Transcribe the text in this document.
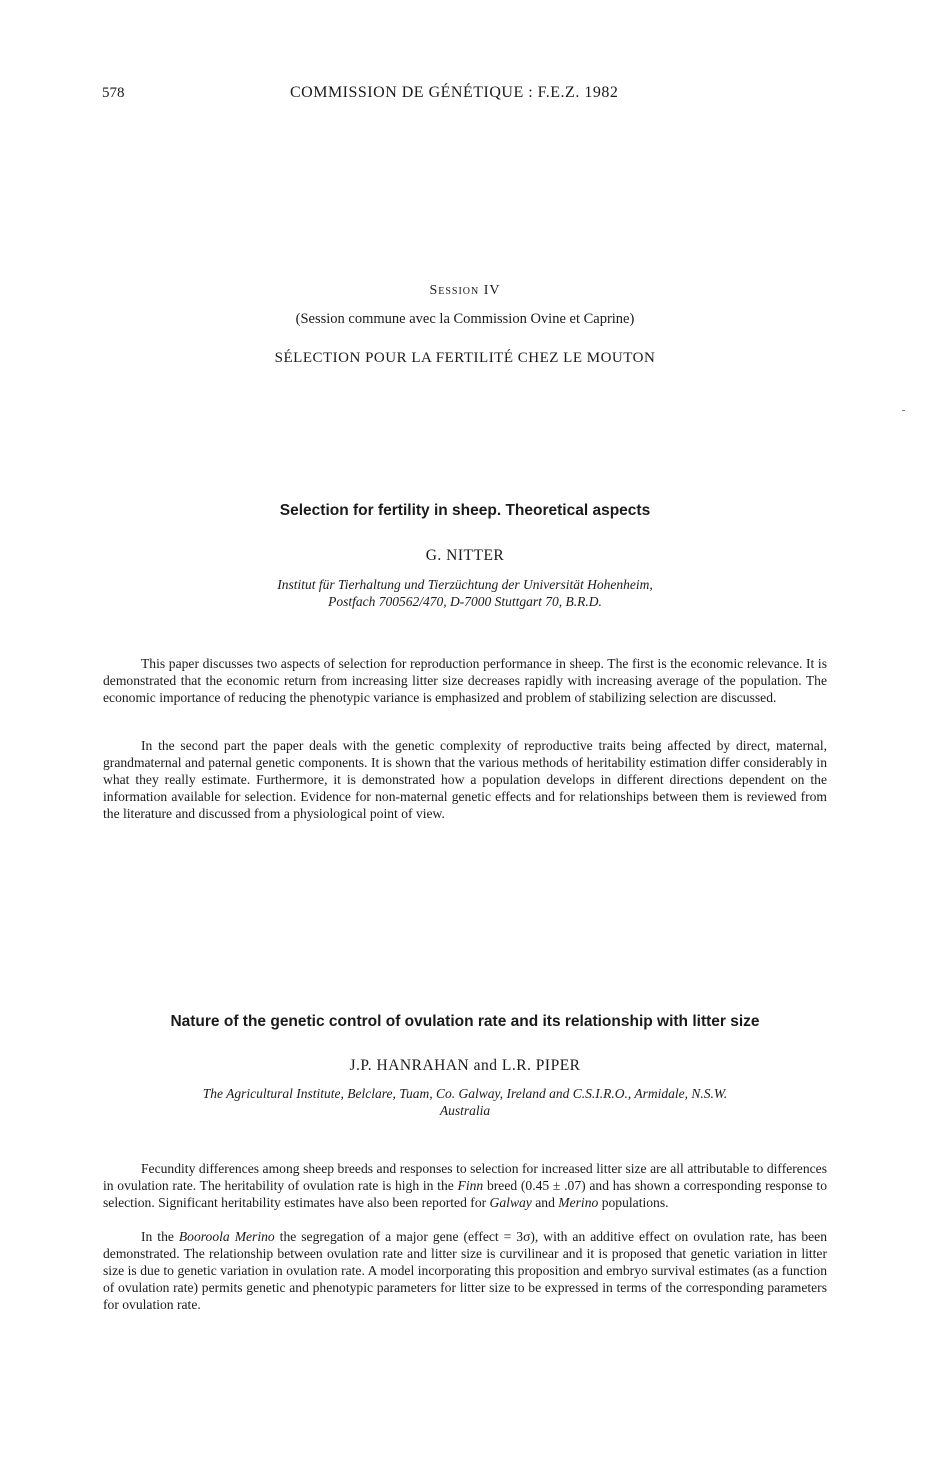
578	COMMISSION DE GÉNÉTIQUE : F.E.Z. 1982
Session IV
(Session commune avec la Commission Ovine et Caprine)
SÉLECTION POUR LA FERTILITÉ CHEZ LE MOUTON
Selection for fertility in sheep. Theoretical aspects
G. NITTER
Institut für Tierhaltung und Tierzüchtung der Universität Hohenheim,
Postfach 700562/470, D-7000 Stuttgart 70, B.R.D.
This paper discusses two aspects of selection for reproduction performance in sheep. The first is the economic relevance. It is demonstrated that the economic return from increasing litter size decreases rapidly with increasing average of the population. The economic importance of reducing the phenotypic variance is emphasized and problem of stabilizing selection are discussed.
In the second part the paper deals with the genetic complexity of reproductive traits being affected by direct, maternal, grandmaternal and paternal genetic components. It is shown that the various methods of heritability estimation differ considerably in what they really estimate. Furthermore, it is demonstrated how a population develops in different directions dependent on the information available for selection. Evidence for non-maternal genetic effects and for relationships between them is reviewed from the literature and discussed from a physiological point of view.
Nature of the genetic control of ovulation rate and its relationship with litter size
J.P. HANRAHAN and L.R. PIPER
The Agricultural Institute, Belclare, Tuam, Co. Galway, Ireland and C.S.I.R.O., Armidale, N.S.W.
Australia
Fecundity differences among sheep breeds and responses to selection for increased litter size are all attributable to differences in ovulation rate. The heritability of ovulation rate is high in the Finn breed (0.45 ± .07) and has shown a corresponding response to selection. Significant heritability estimates have also been reported for Galway and Merino populations.
In the Booroola Merino the segregation of a major gene (effect = 3σ), with an additive effect on ovulation rate, has been demonstrated. The relationship between ovulation rate and litter size is curvilinear and it is proposed that genetic variation in litter size is due to genetic variation in ovulation rate. A model incorporating this proposition and embryo survival estimates (as a function of ovulation rate) permits genetic and phenotypic parameters for litter size to be expressed in terms of the corresponding parameters for ovulation rate.
